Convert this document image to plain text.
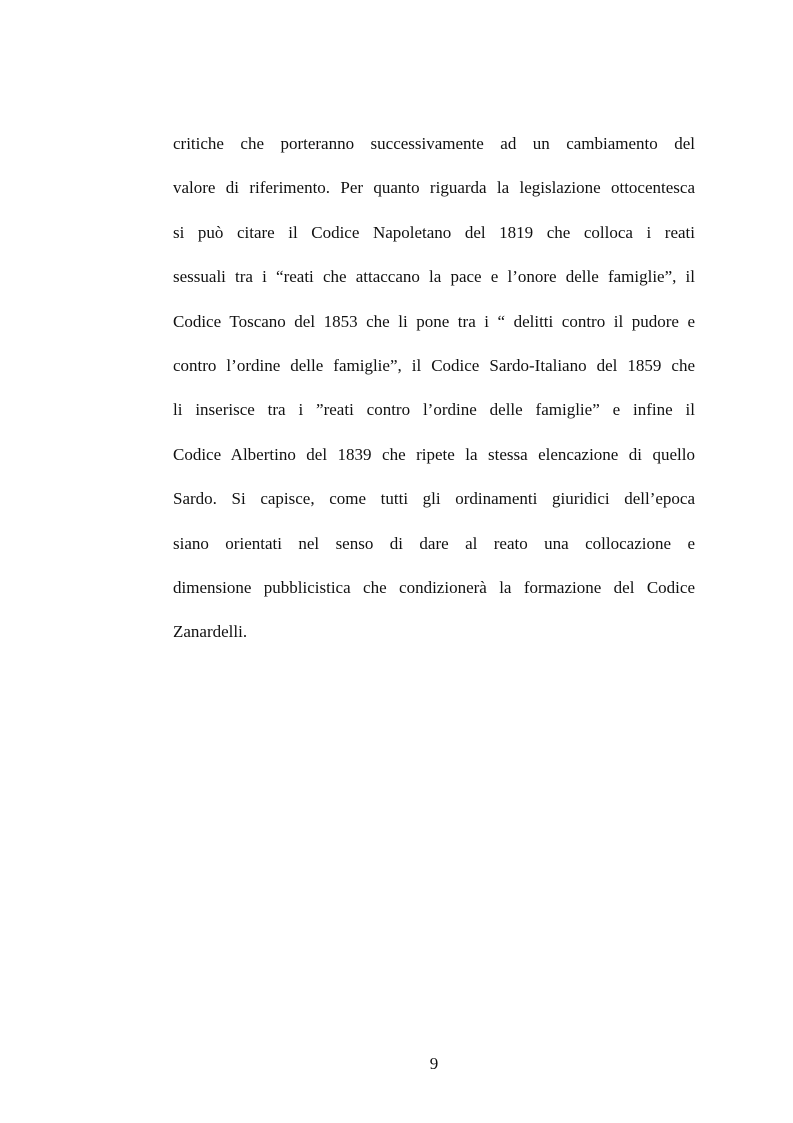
critiche che porteranno successivamente ad un cambiamento del
valore di riferimento. Per quanto riguarda la legislazione ottocentesca
si può citare il Codice Napoletano del 1819 che colloca i reati
sessuali tra i “reati che attaccano la pace e l’onore delle famiglie”, il
Codice Toscano del 1853 che li pone tra i “ delitti contro il pudore e
contro l’ordine delle famiglie”, il Codice Sardo-Italiano del 1859 che
li inserisce tra i ”reati contro l’ordine delle famiglie” e infine il
Codice Albertino del 1839 che ripete la stessa elencazione di quello
Sardo. Si capisce, come tutti gli ordinamenti giuridici dell’epoca
siano orientati nel senso di dare al reato una collocazione e
dimensione pubblicistica che condizionerà la formazione del Codice
Zanardelli.
9
